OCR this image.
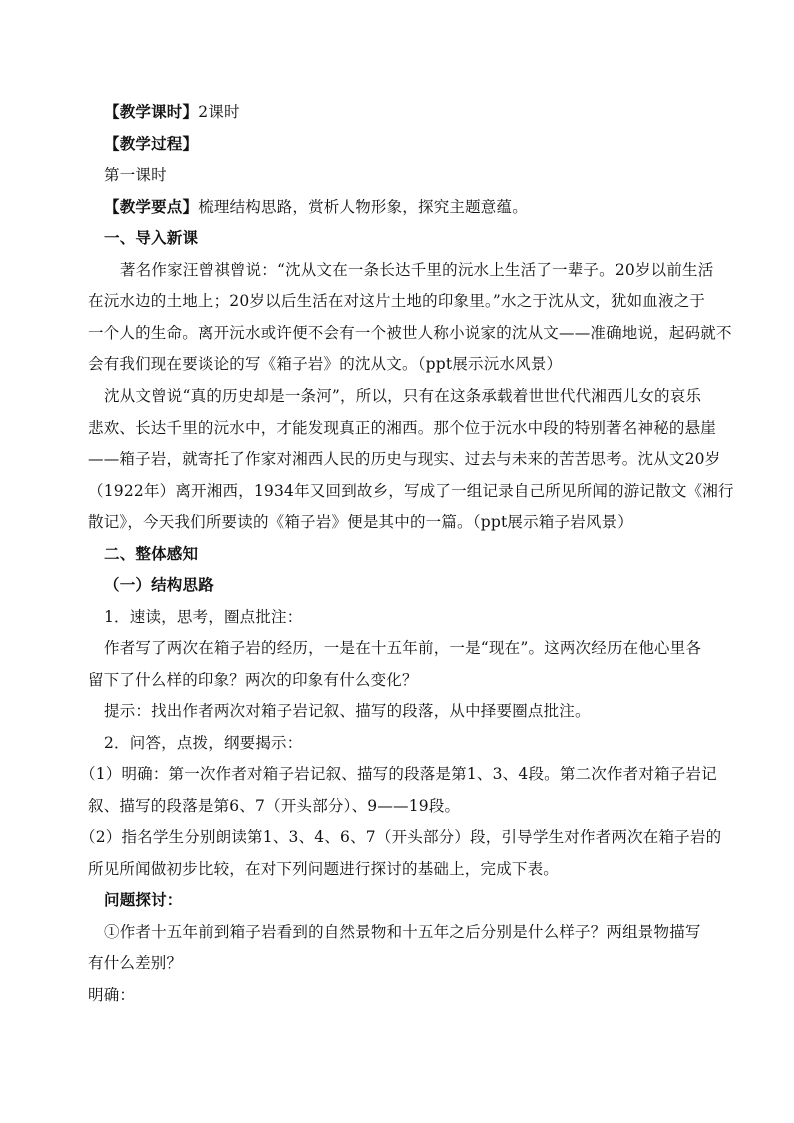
【教学课时】2课时
【教学过程】
第一课时
【教学要点】梳理结构思路，赏析人物形象，探究主题意蕴。
一、导入新课
著名作家汪曾祺曾说：“沈从文在一条长达千里的沅水上生活了一辈子。20岁以前生活
在沅水边的土地上；20岁以后生活在对这片土地的印象里。”水之于沈从文，犹如血液之于
一个人的生命。离开沅水或许便不会有一个被世人称小说家的沈从文——准确地说，起码就不
会有我们现在要谈论的写《箱子岩》的沈从文。（ppt展示沅水风景）
沈从文曾说“真的历史却是一条河”，所以，只有在这条承载着世世代代湘西儿女的哀乐
悲欢、长达千里的沅水中，才能发现真正的湘西。那个位于沅水中段的特别著名神秘的悬崖
——箱子岩，就寄托了作家对湘西人民的历史与现实、过去与未来的苦苦思考。沈从文20岁
（1922年）离开湘西，1934年又回到故乡，写成了一组记录自己所见所闻的游记散文《湘行
散记》，今天我们所要读的《箱子岩》便是其中的一篇。（ppt展示箱子岩风景）
二、整体感知
（一）结构思路
1．速读，思考，圈点批注：
作者写了两次在箱子岩的经历，一是在十五年前，一是“现在”。这两次经历在他心里各
留下了什么样的印象？两次的印象有什么变化？
提示：找出作者两次对箱子岩记叙、描写的段落，从中择要圈点批注。
2．问答，点拨，纲要揭示：
（1）明确：第一次作者对箱子岩记叙、描写的段落是第1、3、4段。第二次作者对箱子岩记
叙、描写的段落是第6、7（开头部分）、9——19段。
（2）指名学生分别朗读第1、3、4、6、7（开头部分）段，引导学生对作者两次在箱子岩的
所见所闻做初步比较，在对下列问题进行探讨的基础上，完成下表。
问题探讨：
①作者十五年前到箱子岩看到的自然景物和十五年之后分别是什么样子？两组景物描写
有什么差别？
明确：
